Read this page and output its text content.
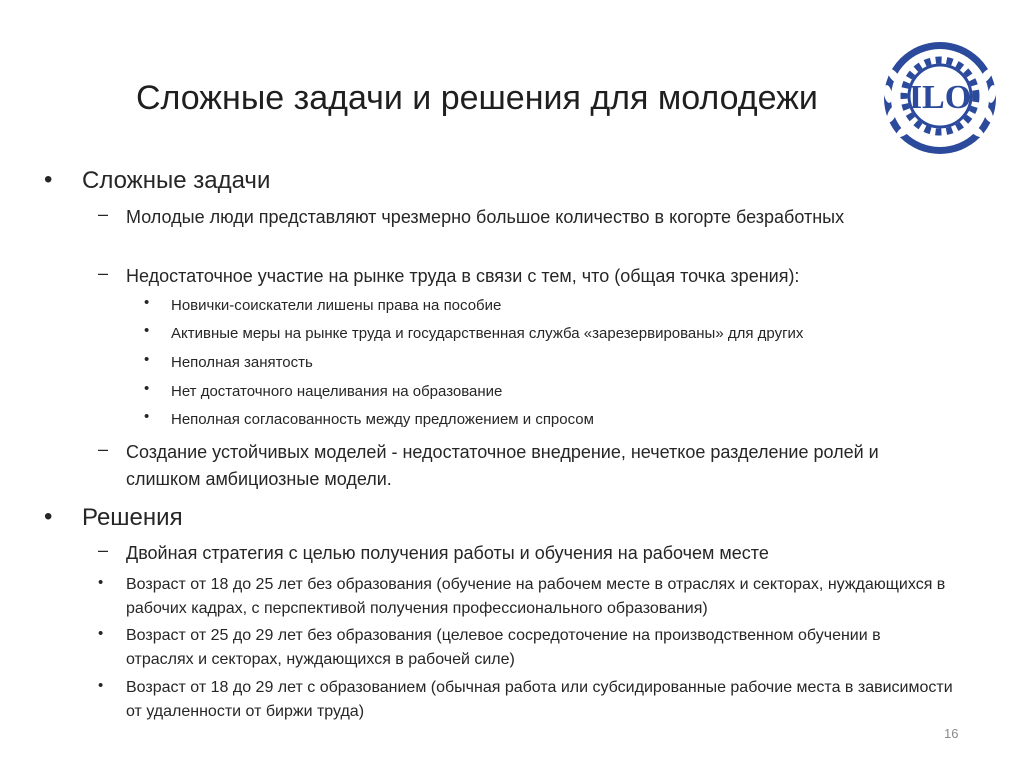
Сложные задачи и решения для молодежи	ILO
• Сложные задачи
– Молодые люди представляют чрезмерно большое количество в когорте безработных
– Недостаточное участие на рынке труда в связи с тем, что (общая точка зрения):
• Новички-соискатели лишены права на пособие
• Активные меры на рынке труда и государственная служба «зарезервированы» для других
• Неполная занятость
• Нет достаточного нацеливания на образование
• Неполная согласованность между предложением и спросом
– Создание устойчивых моделей - недостаточное внедрение, нечеткое разделение ролей и слишком амбициозные модели.
• Решения
– Двойная стратегия с целью получения работы и обучения на рабочем месте
• Возраст от 18 до 25 лет без образования (обучение на рабочем месте в отраслях и секторах, нуждающихся в рабочих кадрах, с перспективой получения профессионального образования)
• Возраст от 25 до 29 лет без образования (целевое сосредоточение на производственном обучении в отраслях и секторах, нуждающихся в рабочей силе)
• Возраст от 18 до 29 лет с образованием (обычная работа или субсидированные рабочие места в зависимости от удаленности от биржи труда)
16
